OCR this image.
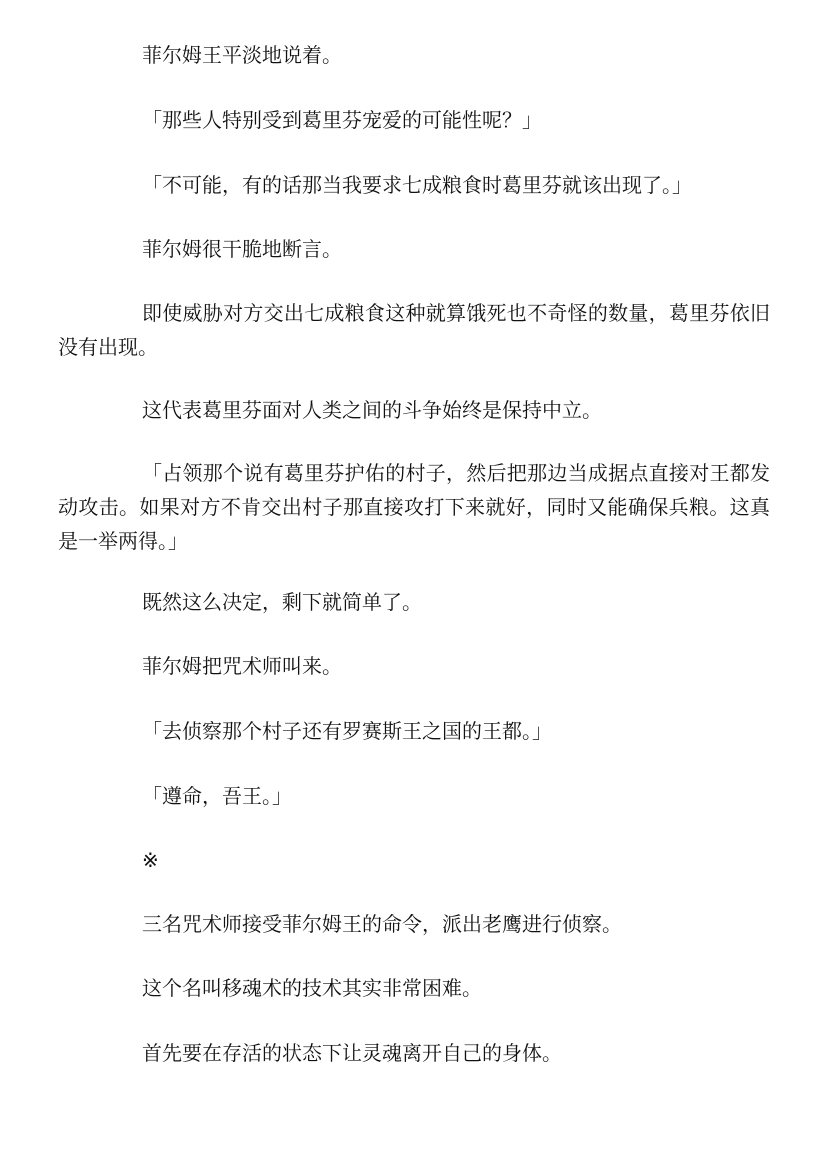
菲尔姆王平淡地说着。

「那些人特别受到葛里芬宠爱的可能性呢？」

「不可能，有的话那当我要求七成粮食时葛里芬就该出现了。」

菲尔姆很干脆地断言。

即使威胁对方交出七成粮食这种就算饿死也不奇怪的数量，葛里芬依旧没有出现。

这代表葛里芬面对人类之间的斗争始终是保持中立。

「占领那个说有葛里芬护佑的村子，然后把那边当成据点直接对王都发动攻击。如果对方不肯交出村子那直接攻打下来就好，同时又能确保兵粮。这真是一举两得。」

既然这么决定，剩下就简单了。

菲尔姆把咒术师叫来。

「去侦察那个村子还有罗赛斯王之国的王都。」

「遵命，吾王。」

※

三名咒术师接受菲尔姆王的命令，派出老鹰进行侦察。

这个名叫移魂术的技术其实非常困难。

首先要在存活的状态下让灵魂离开自己的身体。
